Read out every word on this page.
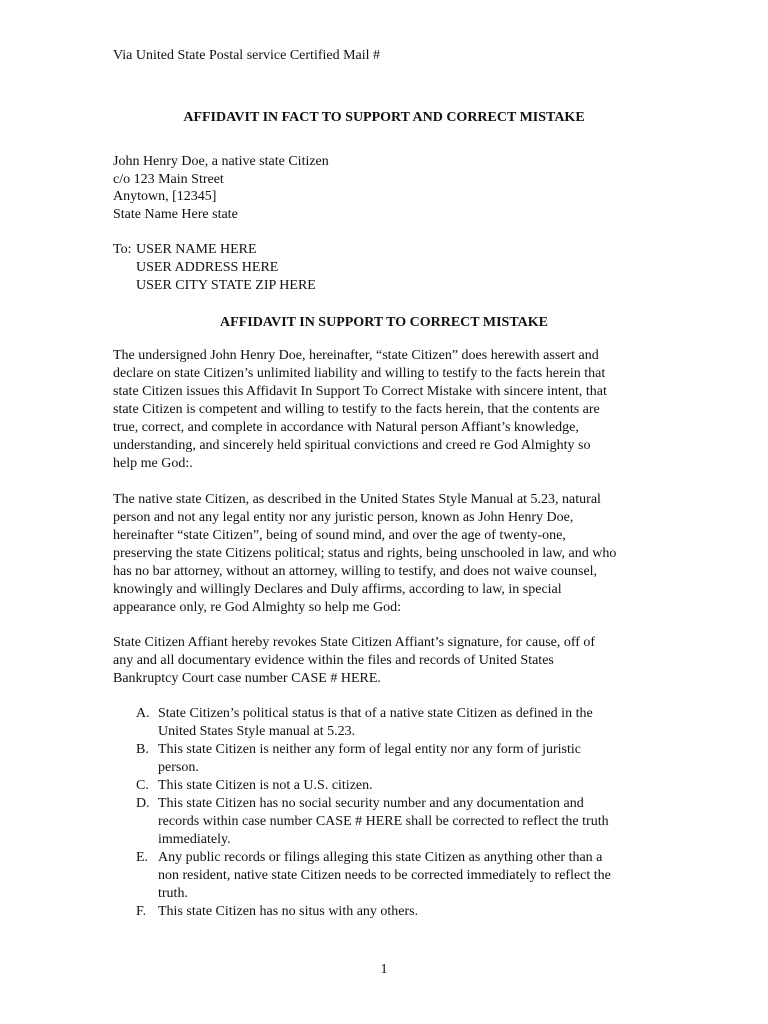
Via United State Postal service Certified Mail #
AFFIDAVIT IN FACT TO SUPPORT AND CORRECT MISTAKE
John Henry Doe, a native state Citizen
c/o 123 Main Street
Anytown, [12345]
State Name Here state
To: USER NAME HERE
USER ADDRESS HERE
USER CITY STATE ZIP HERE
AFFIDAVIT IN SUPPORT TO CORRECT MISTAKE
The undersigned John Henry Doe, hereinafter, “state Citizen” does herewith assert and
declare on state Citizen’s unlimited liability and willing to testify to the facts herein that
state Citizen issues this Affidavit In Support To Correct Mistake with sincere intent, that
state Citizen is competent and willing to testify to the facts herein, that the contents are
true, correct, and complete in accordance with Natural person Affiant’s knowledge,
understanding, and sincerely held spiritual convictions and creed re God Almighty so
help me God:.
The native state Citizen, as described in the United States Style Manual at 5.23, natural
person and not any legal entity nor any juristic person, known as John Henry Doe,
hereinafter “state Citizen”, being of sound mind, and over the age of twenty-one,
preserving the state Citizens political; status and rights, being unschooled in law, and who
has no bar attorney, without an attorney, willing to testify, and does not waive counsel,
knowingly and willingly Declares and Duly affirms, according to law, in special
appearance only, re God Almighty so help me God:
State Citizen Affiant hereby revokes State Citizen Affiant’s signature, for cause, off of
any and all documentary evidence within the files and records of United States
Bankruptcy Court case number CASE # HERE.
A. State Citizen’s political status is that of a native state Citizen as defined in the
United States Style manual at 5.23.
B. This state Citizen is neither any form of legal entity nor any form of juristic
person.
C. This state Citizen is not a U.S. citizen.
D. This state Citizen has no social security number and any documentation and
records within case number CASE # HERE shall be corrected to reflect the truth
immediately.
E. Any public records or filings alleging this state Citizen as anything other than a
non resident, native state Citizen needs to be corrected immediately to reflect the
truth.
F. This state Citizen has no situs with any others.
1
